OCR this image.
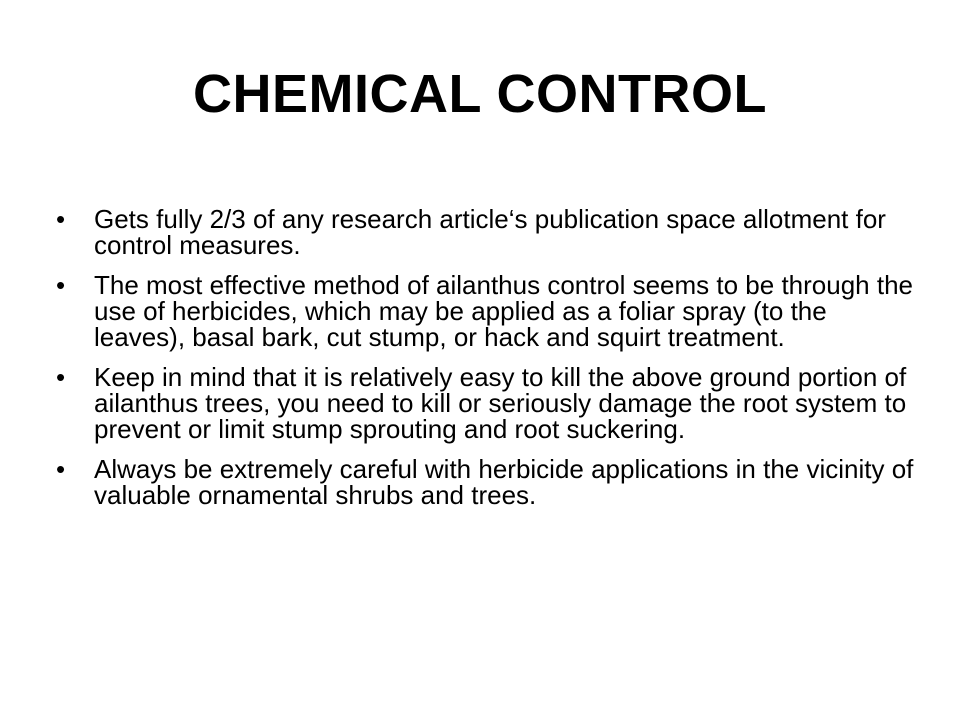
CHEMICAL CONTROL
•	Gets fully 2/3 of any research article‘s publication space allotment for control measures.
•	The most effective method of ailanthus control seems to be through the use of herbicides, which may be applied as a foliar spray (to the leaves), basal bark, cut stump, or hack and squirt treatment.
•	Keep in mind that it is relatively easy to kill the above ground portion of ailanthus trees, you need to kill or seriously damage the root system to prevent or limit stump sprouting and root suckering.
•	Always be extremely careful with herbicide applications in the vicinity of valuable ornamental shrubs and trees.
